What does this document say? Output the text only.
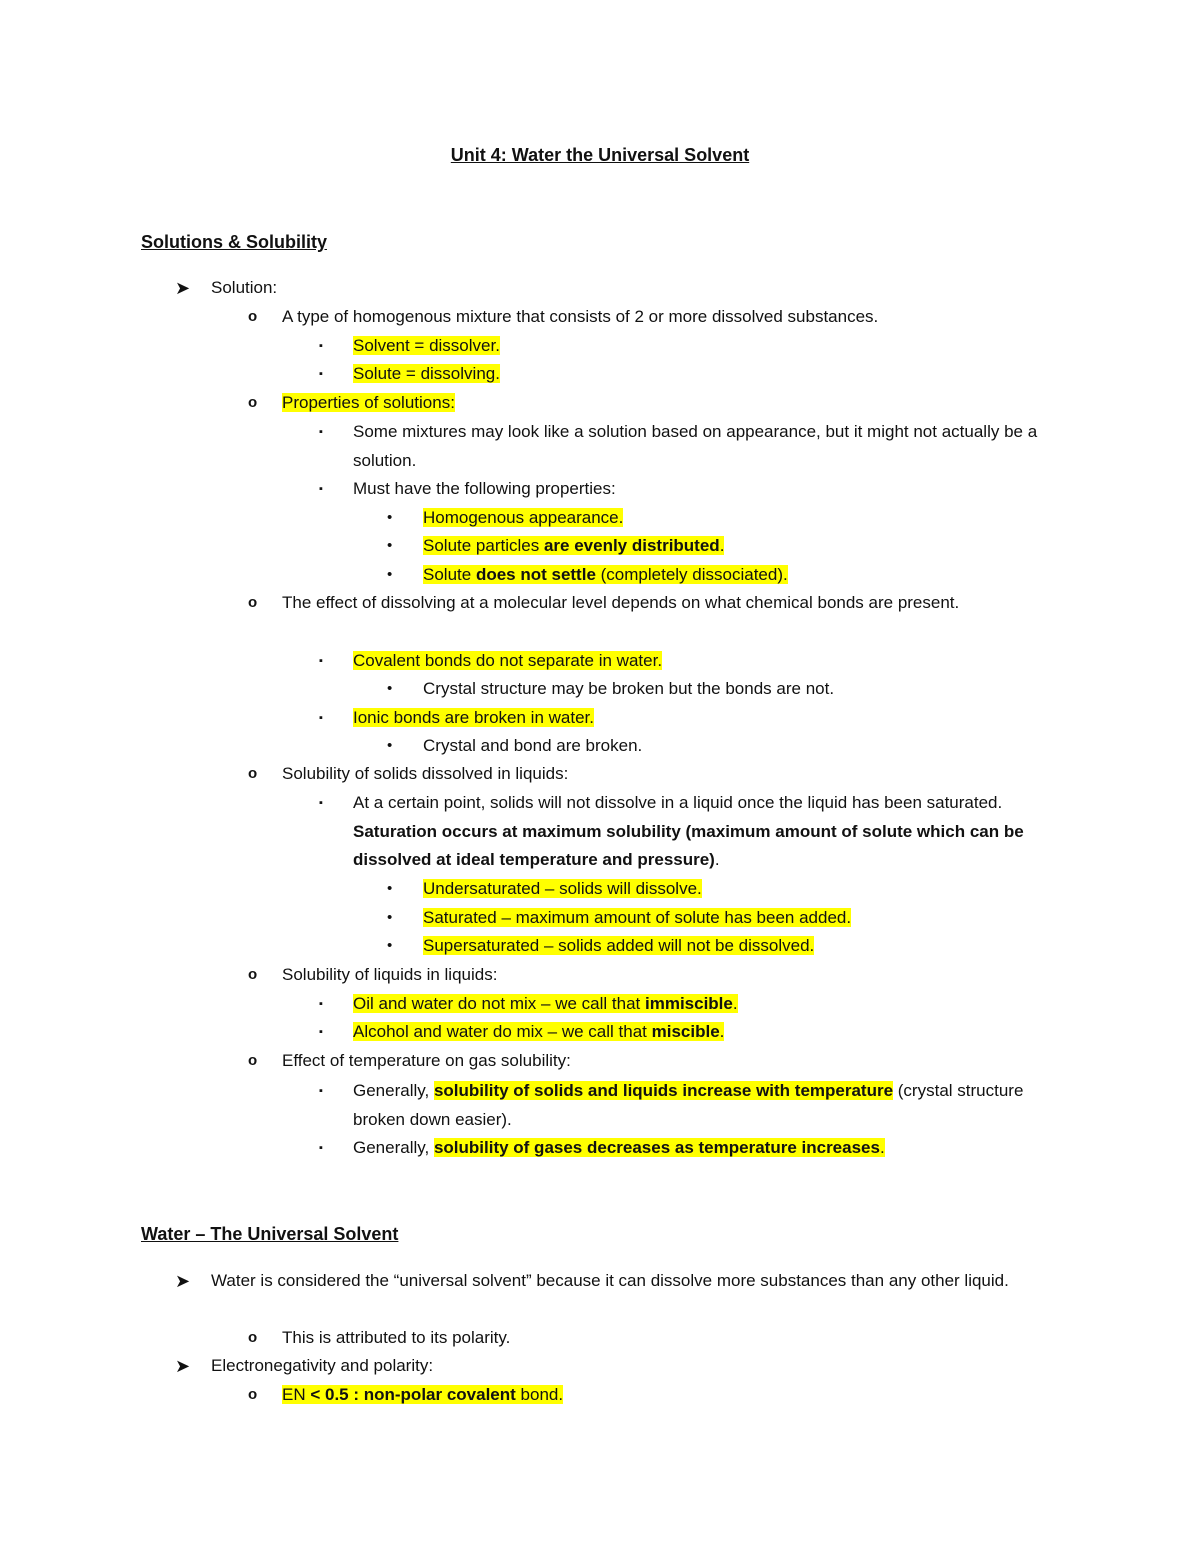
Unit 4: Water the Universal Solvent
Solutions & Solubility
➤ Solution:
o A type of homogenous mixture that consists of 2 or more dissolved substances.
▪ Solvent = dissolver.
▪ Solute = dissolving.
o Properties of solutions:
▪ Some mixtures may look like a solution based on appearance, but it might not actually be a solution.
▪ Must have the following properties:
• Homogenous appearance.
• Solute particles are evenly distributed.
• Solute does not settle (completely dissociated).
o The effect of dissolving at a molecular level depends on what chemical bonds are present.
▪ Covalent bonds do not separate in water.
• Crystal structure may be broken but the bonds are not.
▪ Ionic bonds are broken in water.
• Crystal and bond are broken.
o Solubility of solids dissolved in liquids:
▪ At a certain point, solids will not dissolve in a liquid once the liquid has been saturated. Saturation occurs at maximum solubility (maximum amount of solute which can be dissolved at ideal temperature and pressure).
• Undersaturated – solids will dissolve.
• Saturated – maximum amount of solute has been added.
• Supersaturated – solids added will not be dissolved.
o Solubility of liquids in liquids:
▪ Oil and water do not mix – we call that immiscible.
▪ Alcohol and water do mix – we call that miscible.
o Effect of temperature on gas solubility:
▪ Generally, solubility of solids and liquids increase with temperature (crystal structure broken down easier).
▪ Generally, solubility of gases decreases as temperature increases.
Water – The Universal Solvent
➤ Water is considered the “universal solvent” because it can dissolve more substances than any other liquid.
o This is attributed to its polarity.
➤ Electronegativity and polarity:
o EN < 0.5 : non-polar covalent bond.
